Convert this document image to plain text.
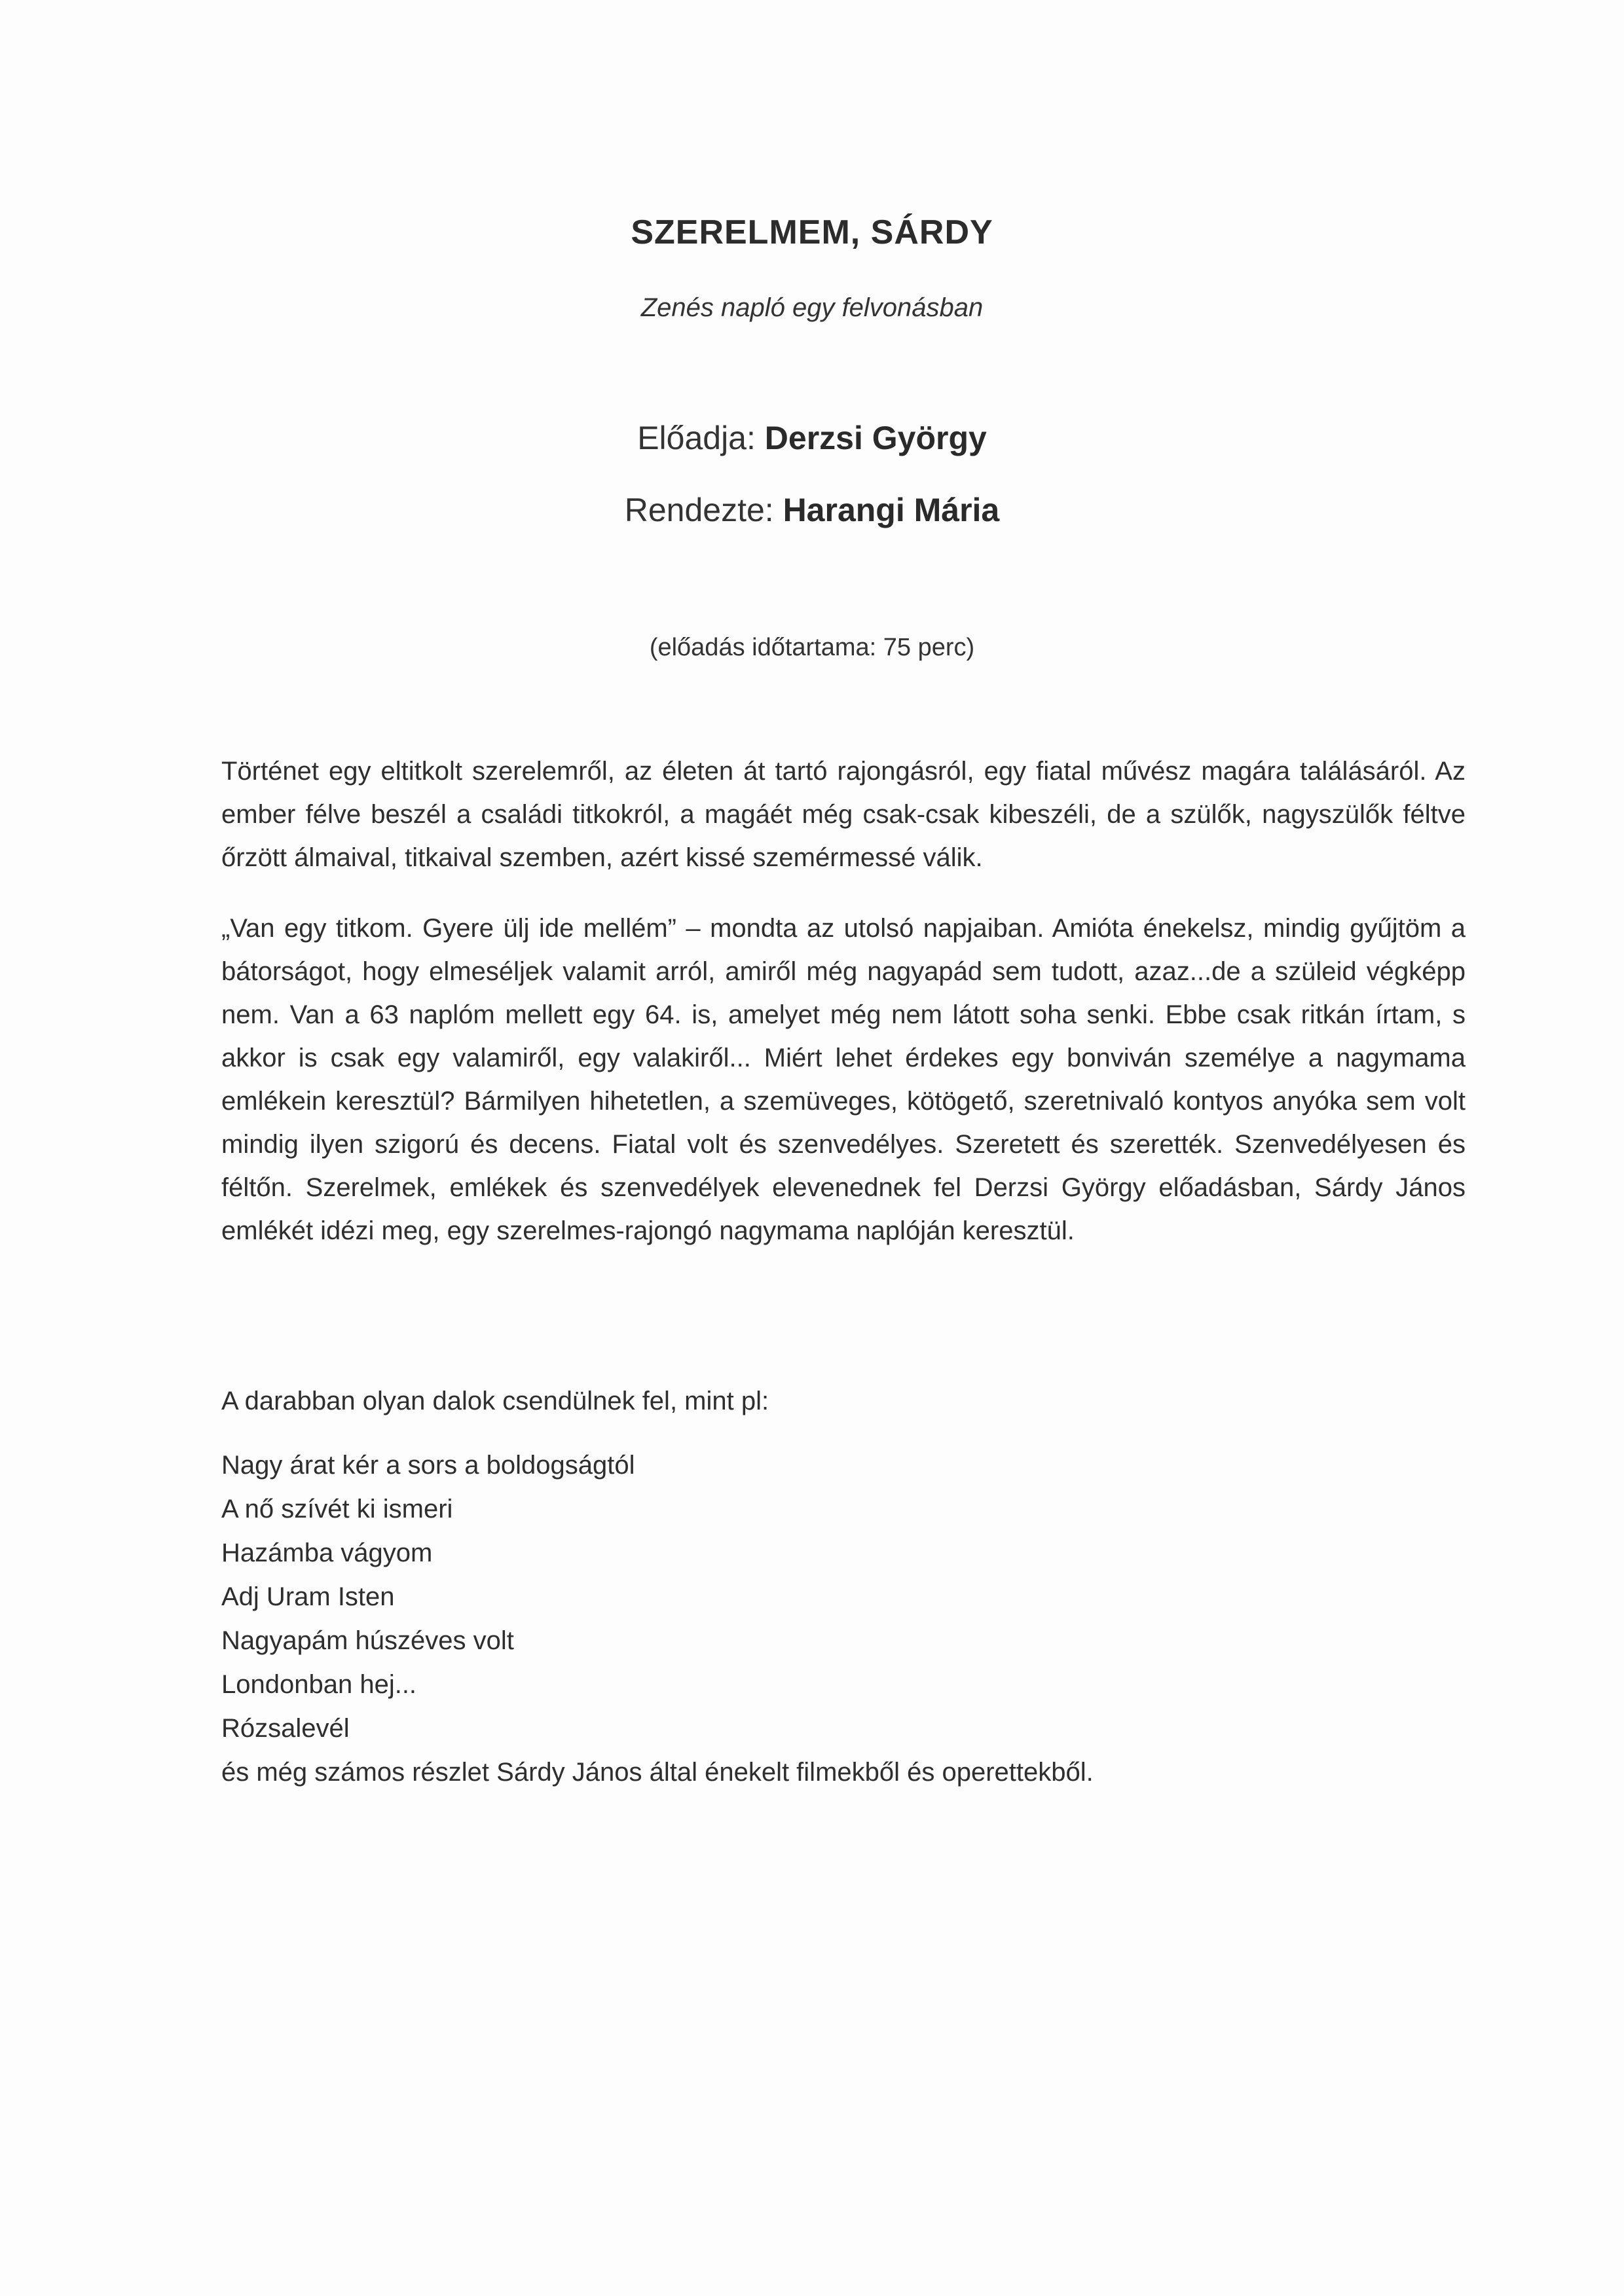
SZERELMEM, SÁRDY
Zenés napló egy felvonásban
Előadja: Derzsi György
Rendezte: Harangi Mária
(előadás időtartama: 75 perc)

Történet egy eltitkolt szerelemről, az életen át tartó rajongásról, egy fiatal művész magára találásáról. Az ember félve beszél a családi titkokról, a magáét még csak-csak kibeszéli, de a szülők, nagyszülők féltve őrzött álmaival, titkaival szemben, azért kissé szemérmessé válik.

„Van egy titkom. Gyere ülj ide mellém” – mondta az utolsó napjaiban. Amióta énekelsz, mindig gyűjtöm a bátorságot, hogy elmeséljek valamit arról, amiről még nagyapád sem tudott, azaz...de a szüleid végképp nem. Van a 63 naplóm mellett egy 64. is, amelyet még nem látott soha senki. Ebbe csak ritkán írtam, s akkor is csak egy valamiről, egy valakiről... Miért lehet érdekes egy bonviván személye a nagymama emlékein keresztül? Bármilyen hihetetlen, a szemüveges, kötögető, szeretnivaló kontyos anyóka sem volt mindig ilyen szigorú és decens. Fiatal volt és szenvedélyes. Szeretett és szerették. Szenvedélyesen és féltőn. Szerelmek, emlékek és szenvedélyek elevenednek fel Derzsi György előadásban, Sárdy János emlékét idézi meg, egy szerelmes-rajongó nagymama naplóján keresztül.

A darabban olyan dalok csendülnek fel, mint pl:
Nagy árat kér a sors a boldogságtól
A nő szívét ki ismeri
Hazámba vágyom
Adj Uram Isten
Nagyapám húszéves volt
Londonban hej...
Rózsalevél
és még számos részlet Sárdy János által énekelt filmekből és operettekből.
